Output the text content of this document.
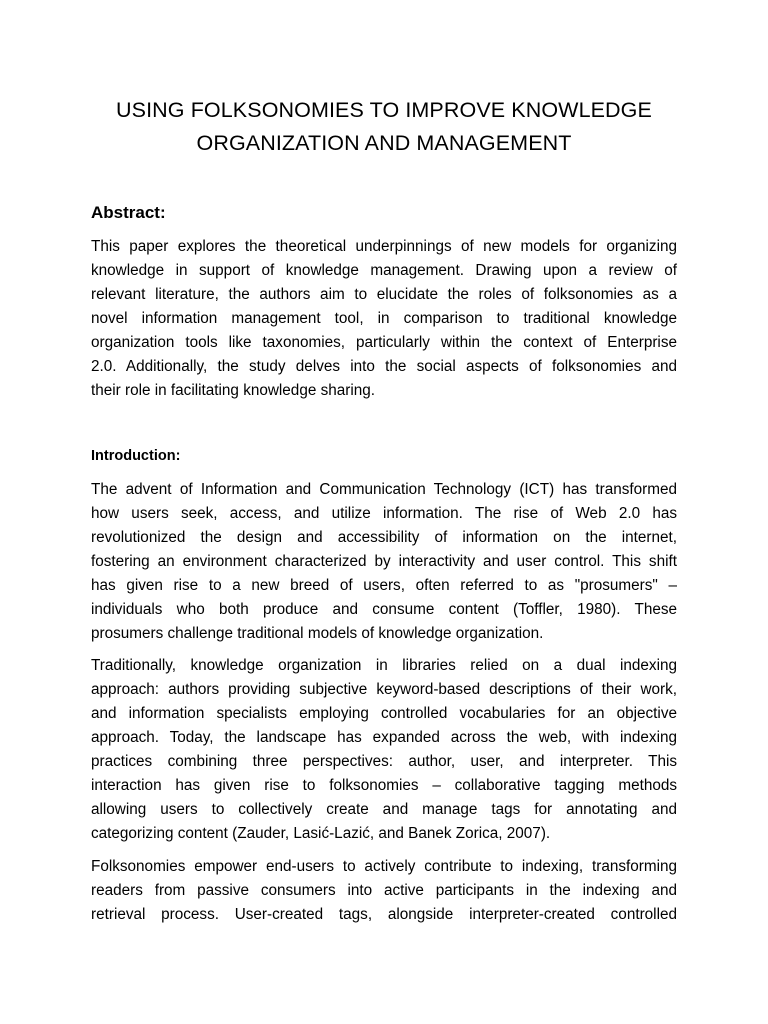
USING FOLKSONOMIES TO IMPROVE KNOWLEDGE
ORGANIZATION AND MANAGEMENT
Abstract:
This paper explores the theoretical underpinnings of new models for organizing
knowledge in support of knowledge management. Drawing upon a review of
relevant literature, the authors aim to elucidate the roles of folksonomies as a
novel information management tool, in comparison to traditional knowledge
organization tools like taxonomies, particularly within the context of Enterprise
2.0. Additionally, the study delves into the social aspects of folksonomies and
their role in facilitating knowledge sharing.
Introduction:
The advent of Information and Communication Technology (ICT) has transformed
how users seek, access, and utilize information. The rise of Web 2.0 has
revolutionized the design and accessibility of information on the internet,
fostering an environment characterized by interactivity and user control. This shift
has given rise to a new breed of users, often referred to as "prosumers" –
individuals who both produce and consume content (Toffler, 1980). These
prosumers challenge traditional models of knowledge organization.
Traditionally, knowledge organization in libraries relied on a dual indexing
approach: authors providing subjective keyword-based descriptions of their work,
and information specialists employing controlled vocabularies for an objective
approach. Today, the landscape has expanded across the web, with indexing
practices combining three perspectives: author, user, and interpreter. This
interaction has given rise to folksonomies – collaborative tagging methods
allowing users to collectively create and manage tags for annotating and
categorizing content (Zauder, Lasić-Lazić, and Banek Zorica, 2007).
Folksonomies empower end-users to actively contribute to indexing, transforming
readers from passive consumers into active participants in the indexing and
retrieval process. User-created tags, alongside interpreter-created controlled
